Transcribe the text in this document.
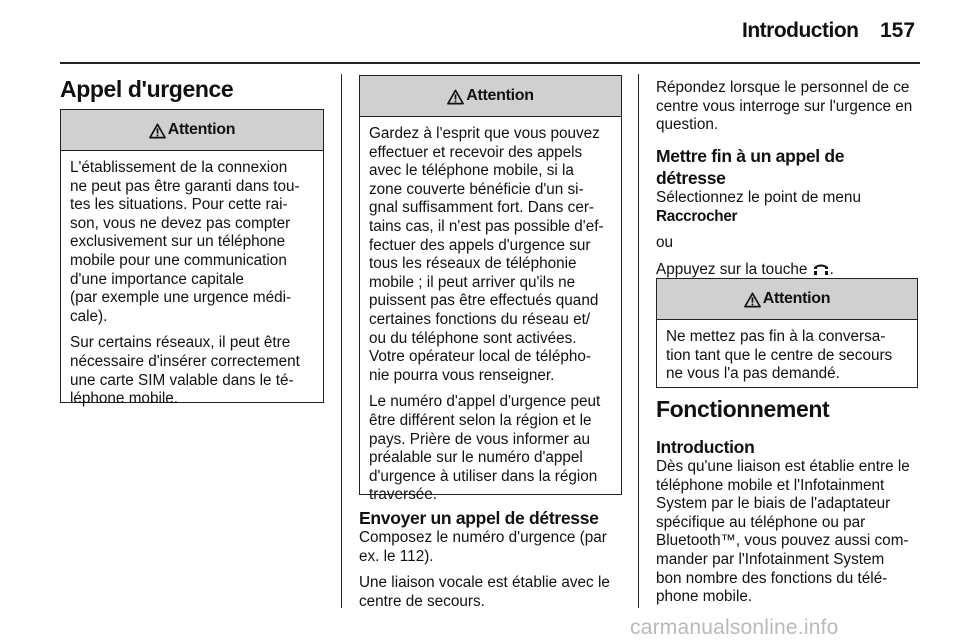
Introduction 157
Appel d'urgence
Attention

L'établissement de la connexion
ne peut pas être garanti dans tou-
tes les situations. Pour cette rai-
son, vous ne devez pas compter
exclusivement sur un téléphone
mobile pour une communication
d'une importance capitale
(par exemple une urgence médi-
cale).

Sur certains réseaux, il peut être
nécessaire d'insérer correctement
une carte SIM valable dans le té-
léphone mobile.

Attention

Gardez à l'esprit que vous pouvez
effectuer et recevoir des appels
avec le téléphone mobile, si la
zone couverte bénéficie d'un si-
gnal suffisamment fort. Dans cer-
tains cas, il n'est pas possible d'ef-
fectuer des appels d'urgence sur
tous les réseaux de téléphonie
mobile ; il peut arriver qu'ils ne
puissent pas être effectués quand
certaines fonctions du réseau et/
ou du téléphone sont activées.
Votre opérateur local de télépho-
nie pourra vous renseigner.

Le numéro d'appel d'urgence peut
être différent selon la région et le
pays. Prière de vous informer au
préalable sur le numéro d'appel
d'urgence à utiliser dans la région
traversée.

Envoyer un appel de détresse

Composez le numéro d'urgence (par
ex. le 112).

Une liaison vocale est établie avec le
centre de secours.

Répondez lorsque le personnel de ce
centre vous interroge sur l'urgence en
question.
Mettre fin à un appel de
détresse

Sélectionnez le point de menu
Raccrocher

ou

Appuyez sur la touche .

Attention
Ne mettez pas fin à la conversa-
tion tant que le centre de secours
ne vous l'a pas demandé.
Fonctionnement
Introduction
Dès qu'une liaison est établie entre le
téléphone mobile et l'Infotainment
System par le biais de l'adaptateur
spécifique au téléphone ou par
Bluetooth™, vous pouvez aussi com-
mander par l'Infotainment System
bon nombre des fonctions du télé-
phone mobile.
carmanualsonline.info
